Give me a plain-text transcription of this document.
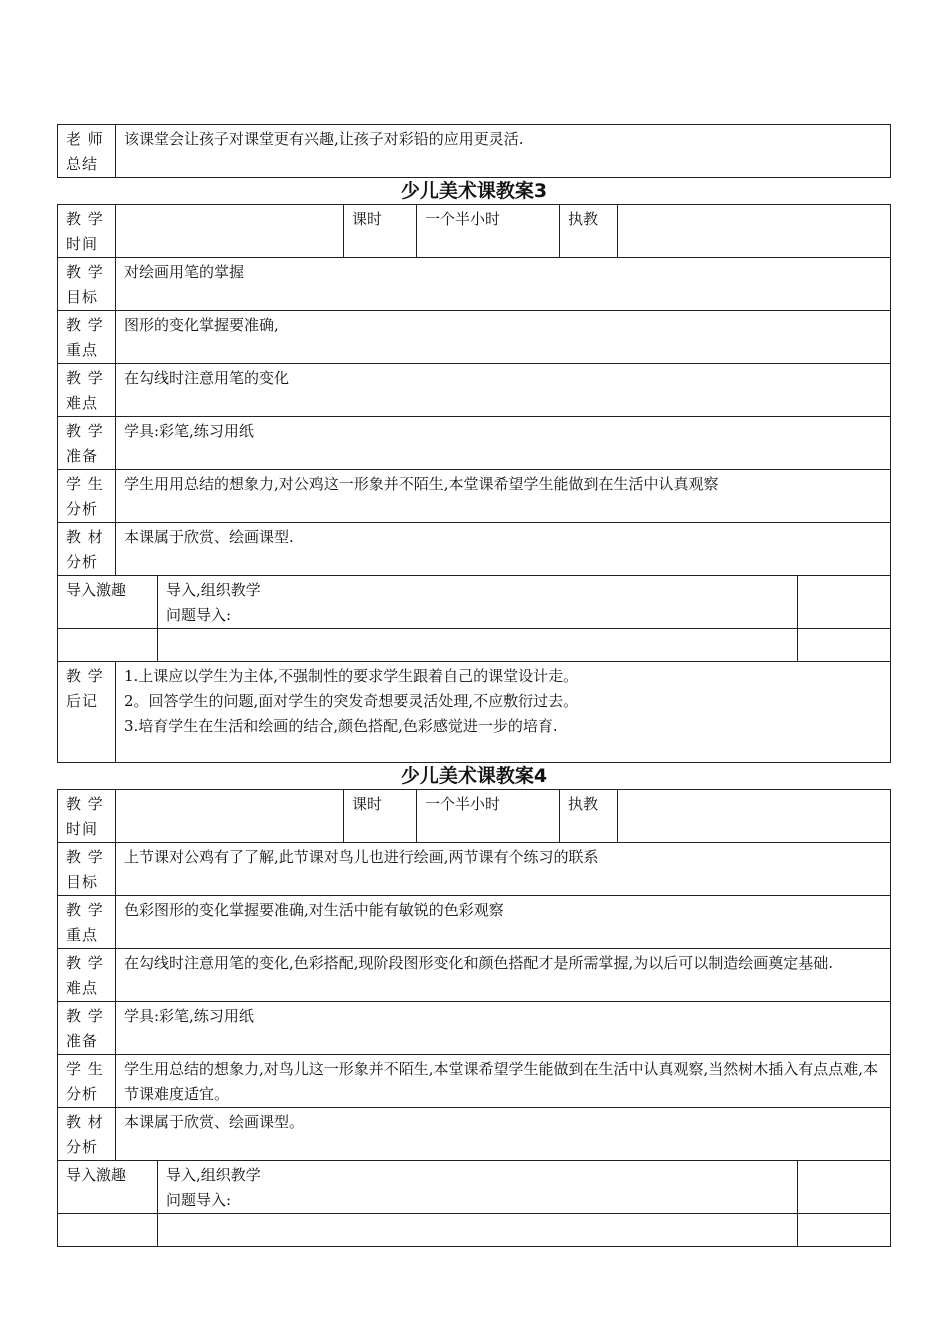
老 师
总结	该课堂会让孩子对课堂更有兴趣,让孩子对彩铅的应用更灵活.
少儿美术课教案3
教 学
时间		课时	一个半小时	执教	
教 学
目标	对绘画用笔的掌握				
教 学
重点	图形的变化掌握要准确,				
教 学
难点	在勾线时注意用笔的变化				
教 学
准备	学具:彩笔,练习用纸				
学 生
分析	学生用用总结的想象力,对公鸡这一形象并不陌生,本堂课希望学生能做到在生活中认真观察				
教 材
分析	本课属于欣赏、绘画课型.				
导入激趣	导入,组织教学
问题导入:	

教 学
后记	
1.上课应以学生为主体,不强制性的要求学生跟着自己的课堂设计走。
2。回答学生的问题,面对学生的突发奇想要灵活处理,不应敷衍过去。
3.培育学生在生活和绘画的结合,颜色搭配,色彩感觉进一步的培育.
少儿美术课教案4
教 学
时间		课时	一个半小时	执教	
教 学
目标	上节课对公鸡有了了解,此节课对鸟儿也进行绘画,两节课有个练习的联系				
教 学
重点	色彩图形的变化掌握要准确,对生活中能有敏锐的色彩观察				
教 学
难点	在勾线时注意用笔的变化,色彩搭配,现阶段图形变化和颜色搭配才是所需掌握,为以后可以制造绘画奠定基础.				
教 学
准备	学具:彩笔,练习用纸				
学 生
分析	学生用总结的想象力,对鸟儿这一形象并不陌生,本堂课希望学生能做到在生活中认真观察,当然树木插入有点点难,本节课难度适宜。				
教 材
分析	本课属于欣赏、绘画课型。				
导入激趣	导入,组织教学
问题导入:	
